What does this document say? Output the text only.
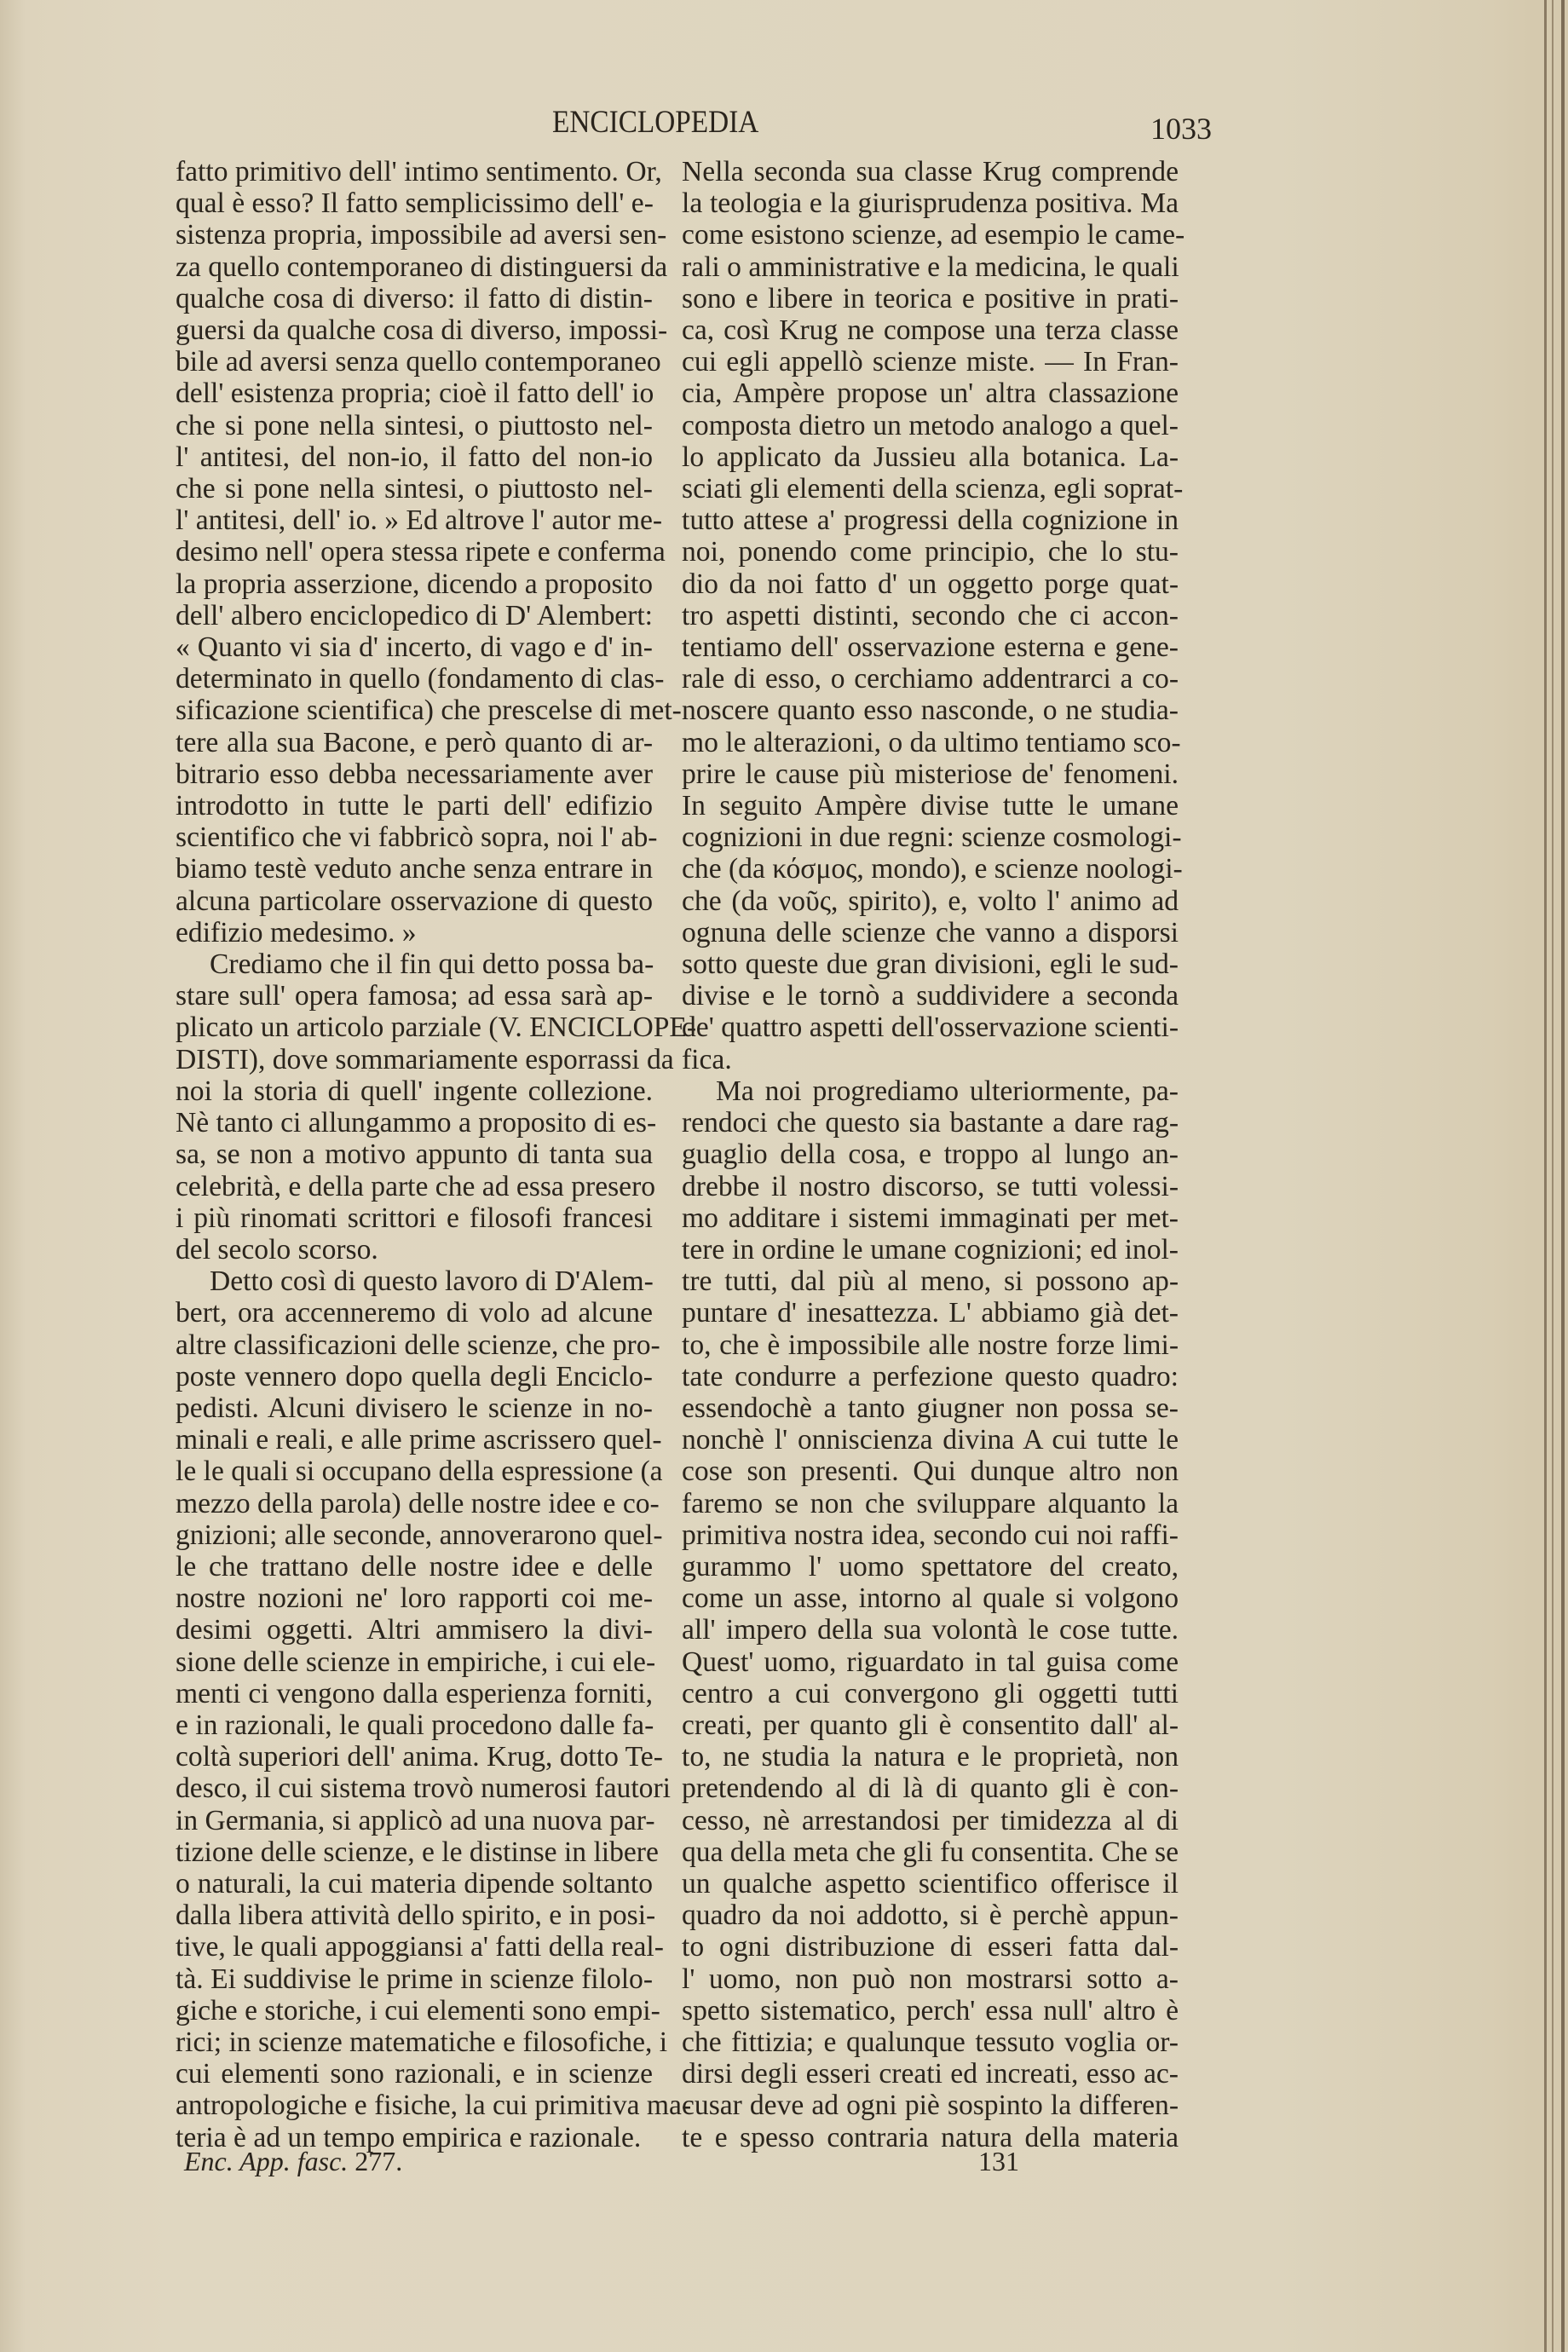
ENCICLOPEDIA	1033
fatto primitivo dell' intimo sentimento. Or,
qual è esso? Il fatto semplicissimo dell' e-
sistenza propria, impossibile ad aversi sen-
za quello contemporaneo di distinguersi da
qualche cosa di diverso: il fatto di distin-
guersi da qualche cosa di diverso, impossi-
bile ad aversi senza quello contemporaneo
dell' esistenza propria; cioè il fatto dell' io
che si pone nella sintesi, o piuttosto nel-
l' antitesi, del non-io, il fatto del non-io
che si pone nella sintesi, o piuttosto nel-
l' antitesi, dell' io. » Ed altrove l' autor me-
desimo nell' opera stessa ripete e conferma
la propria asserzione, dicendo a proposito
dell' albero enciclopedico di D' Alembert:
« Quanto vi sia d' incerto, di vago e d' in-
determinato in quello (fondamento di clas-
sificazione scientifica) che prescelse di met-
tere alla sua Bacone, e però quanto di ar-
bitrario esso debba necessariamente aver
introdotto in tutte le parti dell' edifizio
scientifico che vi fabbricò sopra, noi l' ab-
biamo testè veduto anche senza entrare in
alcuna particolare osservazione di questo
edifizio medesimo. »
Crediamo che il fin qui detto possa ba-
stare sull' opera famosa; ad essa sarà ap-
plicato un articolo parziale (V. ENCICLOPE-
DISTI), dove sommariamente esporrassi da
noi la storia di quell' ingente collezione.
Nè tanto ci allungammo a proposito di es-
sa, se non a motivo appunto di tanta sua
celebrità, e della parte che ad essa presero
i più rinomati scrittori e filosofi francesi
del secolo scorso.
Detto così di questo lavoro di D'Alem-
bert, ora accenneremo di volo ad alcune
altre classificazioni delle scienze, che pro-
poste vennero dopo quella degli Enciclo-
pedisti. Alcuni divisero le scienze in no-
minali e reali, e alle prime ascrissero quel-
le le quali si occupano della espressione (a
mezzo della parola) delle nostre idee e co-
gnizioni; alle seconde, annoverarono quel-
le che trattano delle nostre idee e delle
nostre nozioni ne' loro rapporti coi me-
desimi oggetti. Altri ammisero la divi-
sione delle scienze in empiriche, i cui ele-
menti ci vengono dalla esperienza forniti,
e in razionali, le quali procedono dalle fa-
coltà superiori dell' anima. Krug, dotto Te-
desco, il cui sistema trovò numerosi fautori
in Germania, si applicò ad una nuova par-
tizione delle scienze, e le distinse in libere
o naturali, la cui materia dipende soltanto
dalla libera attività dello spirito, e in posi-
tive, le quali appoggiansi a' fatti della real-
tà. Ei suddivise le prime in scienze filolo-
giche e storiche, i cui elementi sono empi-
rici; in scienze matematiche e filosofiche, i
cui elementi sono razionali, e in scienze
antropologiche e fisiche, la cui primitiva ma-
teria è ad un tempo empirica e razionale.
Nella seconda sua classe Krug comprende
la teologia e la giurisprudenza positiva. Ma
come esistono scienze, ad esempio le came-
rali o amministrative e la medicina, le quali
sono e libere in teorica e positive in prati-
ca, così Krug ne compose una terza classe
cui egli appellò scienze miste. — In Fran-
cia, Ampère propose un' altra classazione
composta dietro un metodo analogo a quel-
lo applicato da Jussieu alla botanica. La-
sciati gli elementi della scienza, egli soprat-
tutto attese a' progressi della cognizione in
noi, ponendo come principio, che lo stu-
dio da noi fatto d' un oggetto porge quat-
tro aspetti distinti, secondo che ci accon-
tentiamo dell' osservazione esterna e gene-
rale di esso, o cerchiamo addentrarci a co-
noscere quanto esso nasconde, o ne studia-
mo le alterazioni, o da ultimo tentiamo sco-
prire le cause più misteriose de' fenomeni.
In seguito Ampère divise tutte le umane
cognizioni in due regni: scienze cosmologi-
che (da κόσμος, mondo), e scienze noologi-
che (da νοῦς, spirito), e, volto l' animo ad
ognuna delle scienze che vanno a disporsi
sotto queste due gran divisioni, egli le sud-
divise e le tornò a suddividere a seconda
de' quattro aspetti dell'osservazione scienti-
fica.
Ma noi progrediamo ulteriormente, pa-
rendoci che questo sia bastante a dare rag-
guaglio della cosa, e troppo al lungo an-
drebbe il nostro discorso, se tutti volessi-
mo additare i sistemi immaginati per met-
tere in ordine le umane cognizioni; ed inol-
tre tutti, dal più al meno, si possono ap-
puntare d' inesattezza. L' abbiamo già det-
to, che è impossibile alle nostre forze limi-
tate condurre a perfezione questo quadro:
essendochè a tanto giugner non possa se-
nonchè l' onniscienza divina A cui tutte le
cose son presenti. Qui dunque altro non
faremo se non che sviluppare alquanto la
primitiva nostra idea, secondo cui noi raffi-
gurammo l' uomo spettatore del creato,
come un asse, intorno al quale si volgono
all' impero della sua volontà le cose tutte.
Quest' uomo, riguardato in tal guisa come
centro a cui convergono gli oggetti tutti
creati, per quanto gli è consentito dall' al-
to, ne studia la natura e le proprietà, non
pretendendo al di là di quanto gli è con-
cesso, nè arrestandosi per timidezza al di
qua della meta che gli fu consentita. Che se
un qualche aspetto scientifico offerisce il
quadro da noi addotto, si è perchè appun-
to ogni distribuzione di esseri fatta dal-
l' uomo, non può non mostrarsi sotto a-
spetto sistematico, perch' essa null' altro è
che fittizia; e qualunque tessuto voglia or-
dirsi degli esseri creati ed increati, esso ac-
cusar deve ad ogni piè sospinto la differen-
te e spesso contraria natura della materia
Enc. App. fasc. 277.	131
